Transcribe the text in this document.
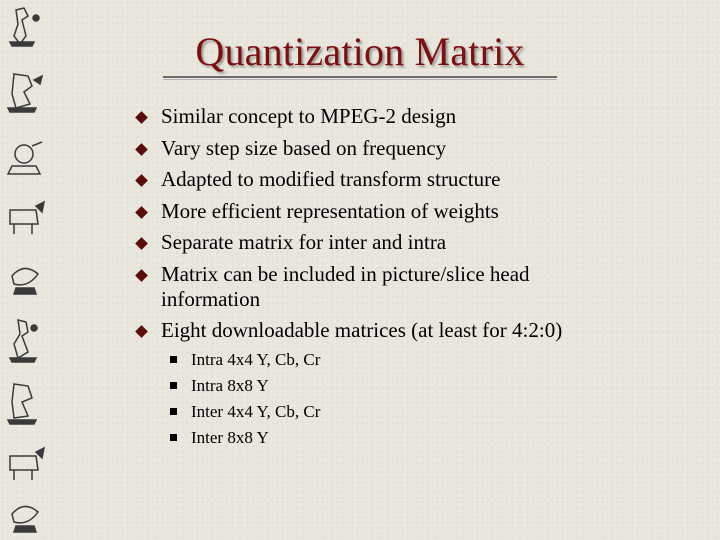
Quantization Matrix
Similar concept to MPEG-2 design
Vary step size based on frequency
Adapted to modified transform structure
More efficient representation of weights
Separate matrix for inter and intra
Matrix can be included in picture/slice head information
Eight downloadable matrices (at least for 4:2:0)
Intra 4x4 Y, Cb, Cr
Intra 8x8 Y
Inter 4x4 Y, Cb, Cr
Inter 8x8 Y
